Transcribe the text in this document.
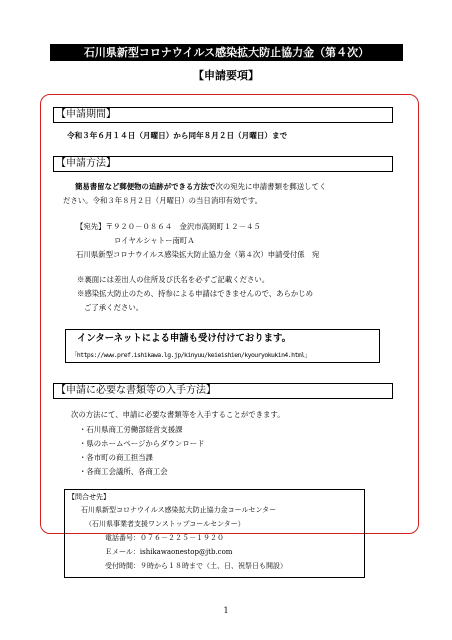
石川県新型コロナウイルス感染拡大防止協力金（第４次）
【申請要項】
【申請期間】
令和３年６月１４日（月曜日）から同年８月２日（月曜日）まで
【申請方法】
簡易書留など郵便物の追跡ができる方法で次の宛先に申請書類を郵送してく
ださい。令和３年８月２日（月曜日）の当日消印有効です。
【宛先】〒９２０－０８６４　金沢市高岡町１２－４５
ロイヤルシャトー南町Ａ
石川県新型コロナウイルス感染拡大防止協力金（第４次）申請受付係　宛
※裏面には差出人の住所及び氏名を必ずご記載ください。
※感染拡大防止のため、持参による申請はできませんので、あらかじめ
ご了承ください。
インターネットによる申請も受け付けております。
「https://www.pref.ishikawa.lg.jp/kinyuu/keieishien/kyouryokukin4.html」
【申請に必要な書類等の入手方法】
次の方法にて、申請に必要な書類等を入手することができます。
・石川県商工労働部経営支援課
・県のホームページからダウンロード
・各市町の商工担当課
・各商工会議所、各商工会
【問合せ先】
石川県新型コロナウイルス感染拡大防止協力金コールセンター
（石川県事業者支援ワンストップコールセンター）
電話番号：０７６－２２５－１９２０
Ｅメール：ishikawaonestop@jtb.com
受付時間：９時から１８時まで（土、日、祝祭日も開設）
1
